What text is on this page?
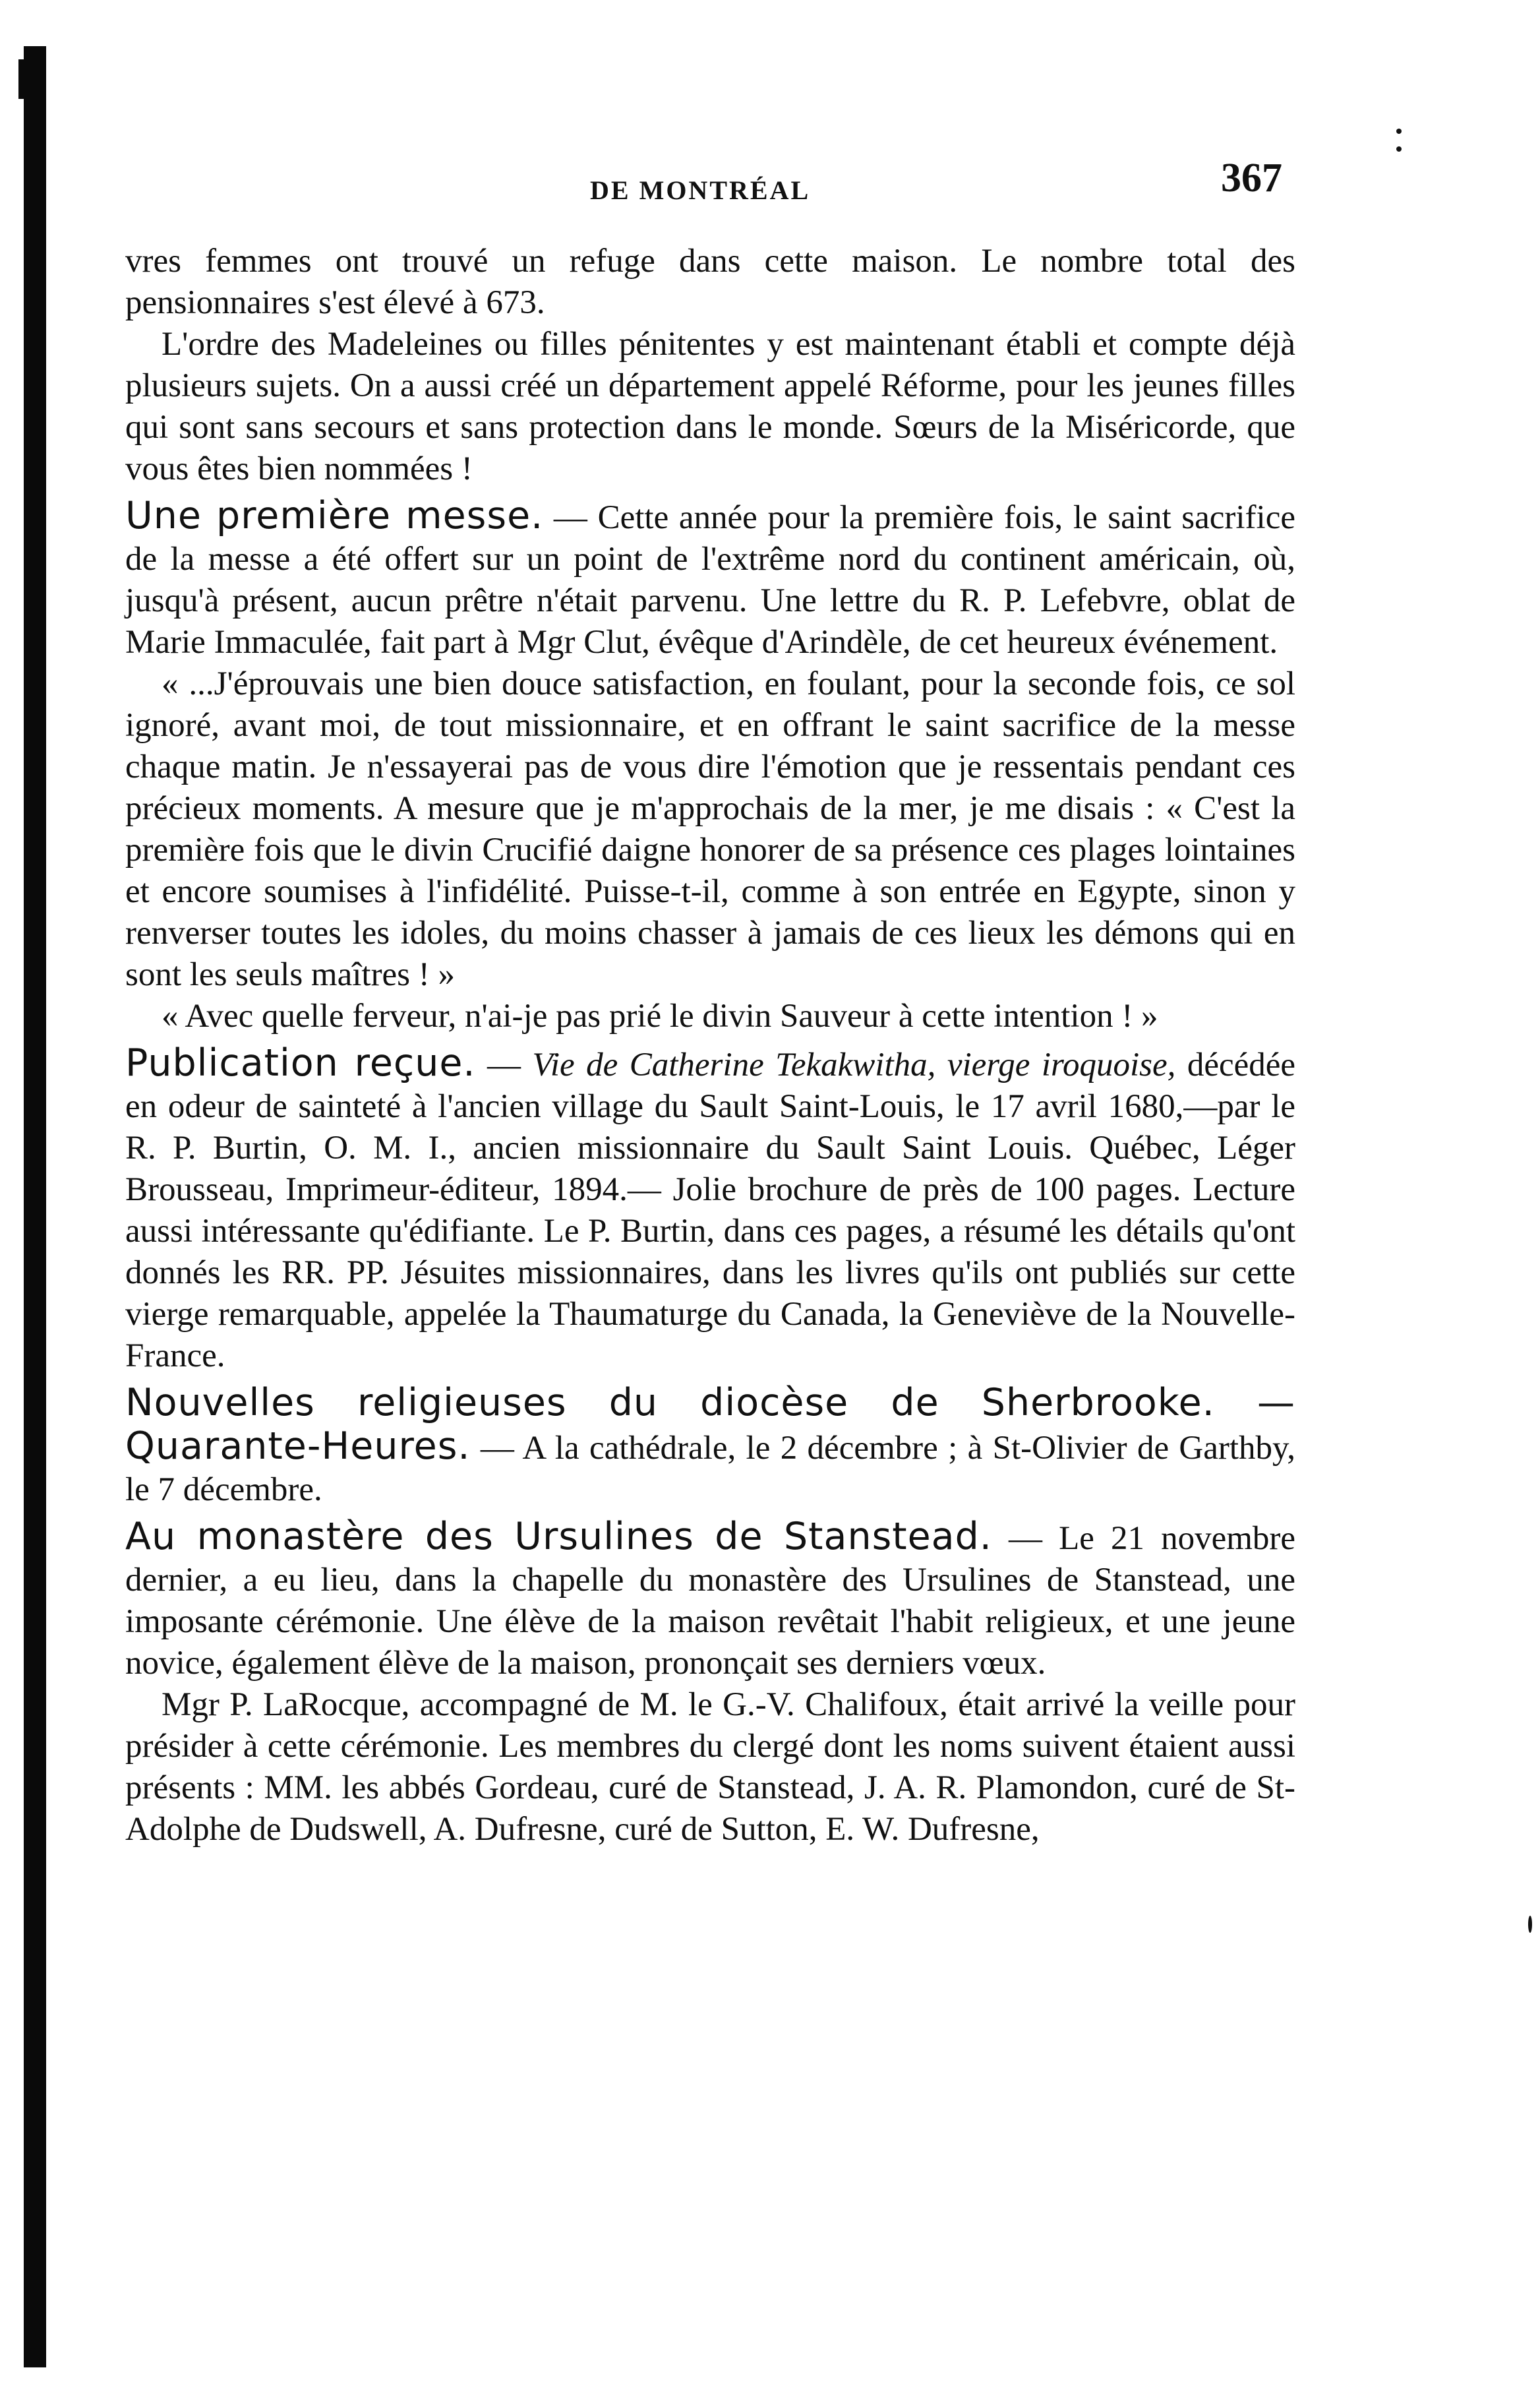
DE MONTRÉAL	367

vres femmes ont trouvé un refuge dans cette maison. Le nombre total des pensionnaires s'est élevé à 673.

L'ordre des Madeleines ou filles pénitentes y est maintenant établi et compte déjà plusieurs sujets. On a aussi créé un département appelé Réforme, pour les jeunes filles qui sont sans secours et sans protection dans le monde. Sœurs de la Miséricorde, que vous êtes bien nommées !

Une première messe. — Cette année pour la première fois, le saint sacrifice de la messe a été offert sur un point de l'extrême nord du continent américain, où, jusqu'à présent, aucun prêtre n'était parvenu. Une lettre du R. P. Lefebvre, oblat de Marie Immaculée, fait part à Mgr Clut, évêque d'Arindèle, de cet heureux événement.

« ...J'éprouvais une bien douce satisfaction, en foulant, pour la seconde fois, ce sol ignoré, avant moi, de tout missionnaire, et en offrant le saint sacrifice de la messe chaque matin. Je n'essayerai pas de vous dire l'émotion que je ressentais pendant ces précieux moments. A mesure que je m'approchais de la mer, je me disais : « C'est la première fois que le divin Crucifié daigne honorer de sa présence ces plages lointaines et encore soumises à l'infidélité. Puisse-t-il, comme à son entrée en Egypte, sinon y renverser toutes les idoles, du moins chasser à jamais de ces lieux les démons qui en sont les seuls maîtres ! »

« Avec quelle ferveur, n'ai-je pas prié le divin Sauveur à cette intention ! »

Publication reçue. — Vie de Catherine Tekakwitha, vierge iroquoise, décédée en odeur de sainteté à l'ancien village du Sault Saint-Louis, le 17 avril 1680,—par le R. P. Burtin, O. M. I., ancien missionnaire du Sault Saint Louis. Québec, Léger Brousseau, Imprimeur-éditeur, 1894.— Jolie brochure de près de 100 pages. Lecture aussi intéressante qu'édifiante. Le P. Burtin, dans ces pages, a résumé les détails qu'ont donnés les RR. PP. Jésuites missionnaires, dans les livres qu'ils ont publiés sur cette vierge remarquable, appelée la Thaumaturge du Canada, la Geneviève de la Nouvelle-France.

Nouvelles religieuses du diocèse de Sherbrooke. — Quarante-Heures. — A la cathédrale, le 2 décembre ; à St-Olivier de Garthby, le 7 décembre.

Au monastère des Ursulines de Stanstead. — Le 21 novembre dernier, a eu lieu, dans la chapelle du monastère des Ursulines de Stanstead, une imposante cérémonie. Une élève de la maison revêtait l'habit religieux, et une jeune novice, également élève de la maison, prononçait ses derniers vœux.

Mgr P. LaRocque, accompagné de M. le G.-V. Chalifoux, était arrivé la veille pour présider à cette cérémonie. Les membres du clergé dont les noms suivent étaient aussi présents : MM. les abbés Gordeau, curé de Stanstead, J. A. R. Plamondon, curé de St-Adolphe de Dudswell, A. Dufresne, curé de Sutton, E. W. Dufresne,
